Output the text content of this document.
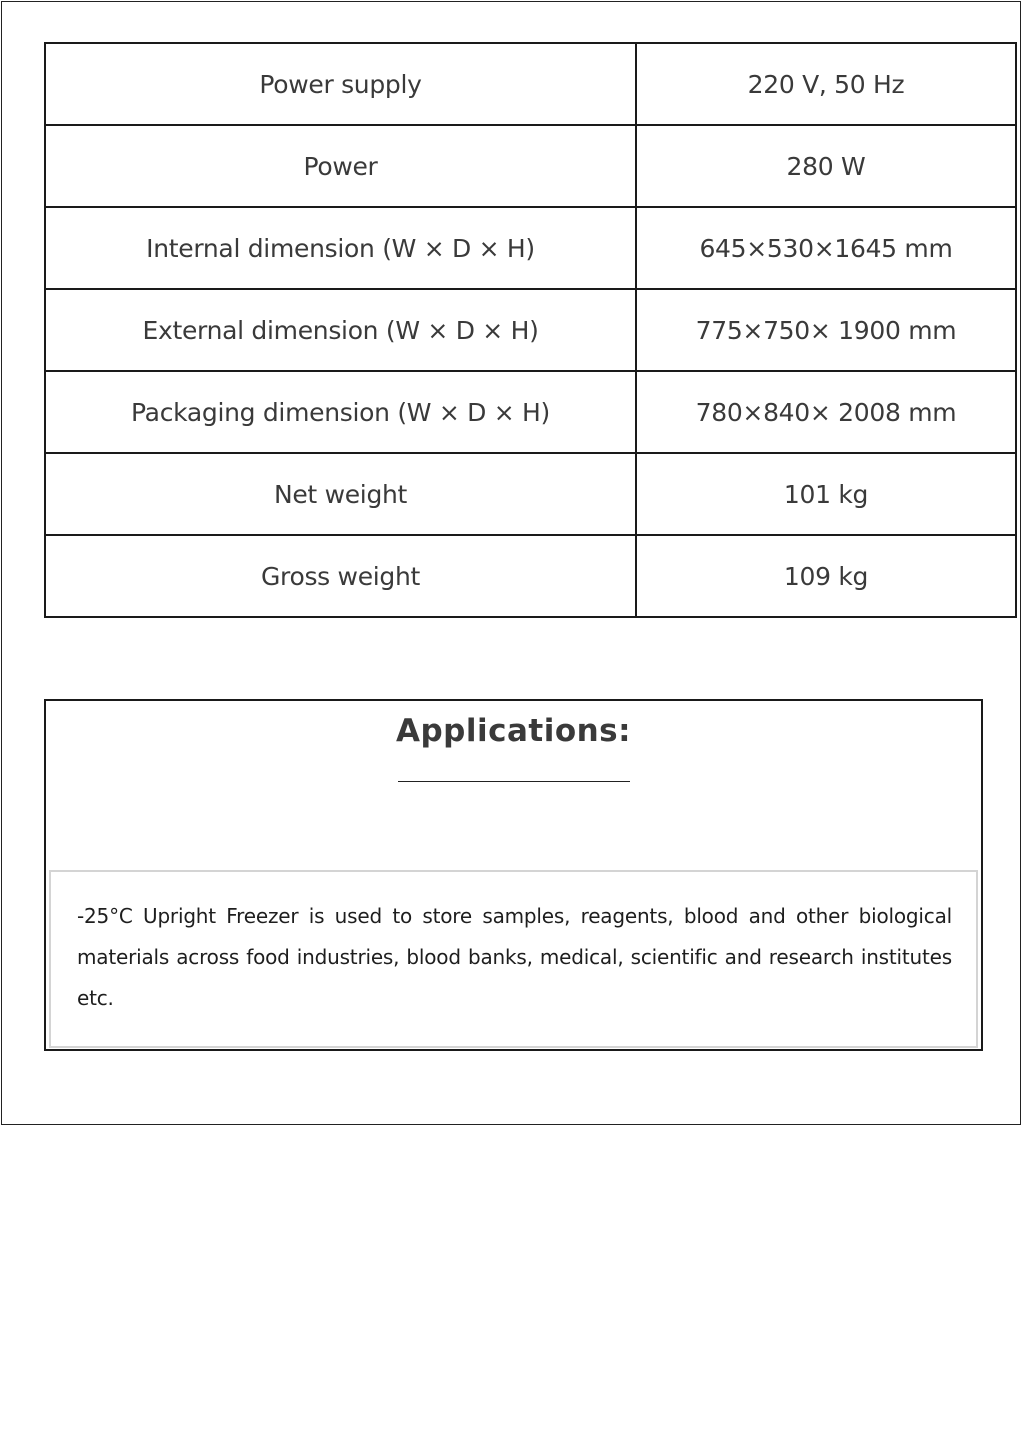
Power supply	220 V, 50 Hz
Power	280 W
Internal dimension (W × D × H)	645×530×1645 mm
External dimension (W × D × H)	775×750× 1900 mm
Packaging dimension (W × D × H)	780×840× 2008 mm
Net weight	101 kg
Gross weight	109 kg
Applications:

-25°C Upright Freezer is used to store samples, reagents, blood and other biological materials across food industries, blood banks, medical, scientific and research institutes etc.
